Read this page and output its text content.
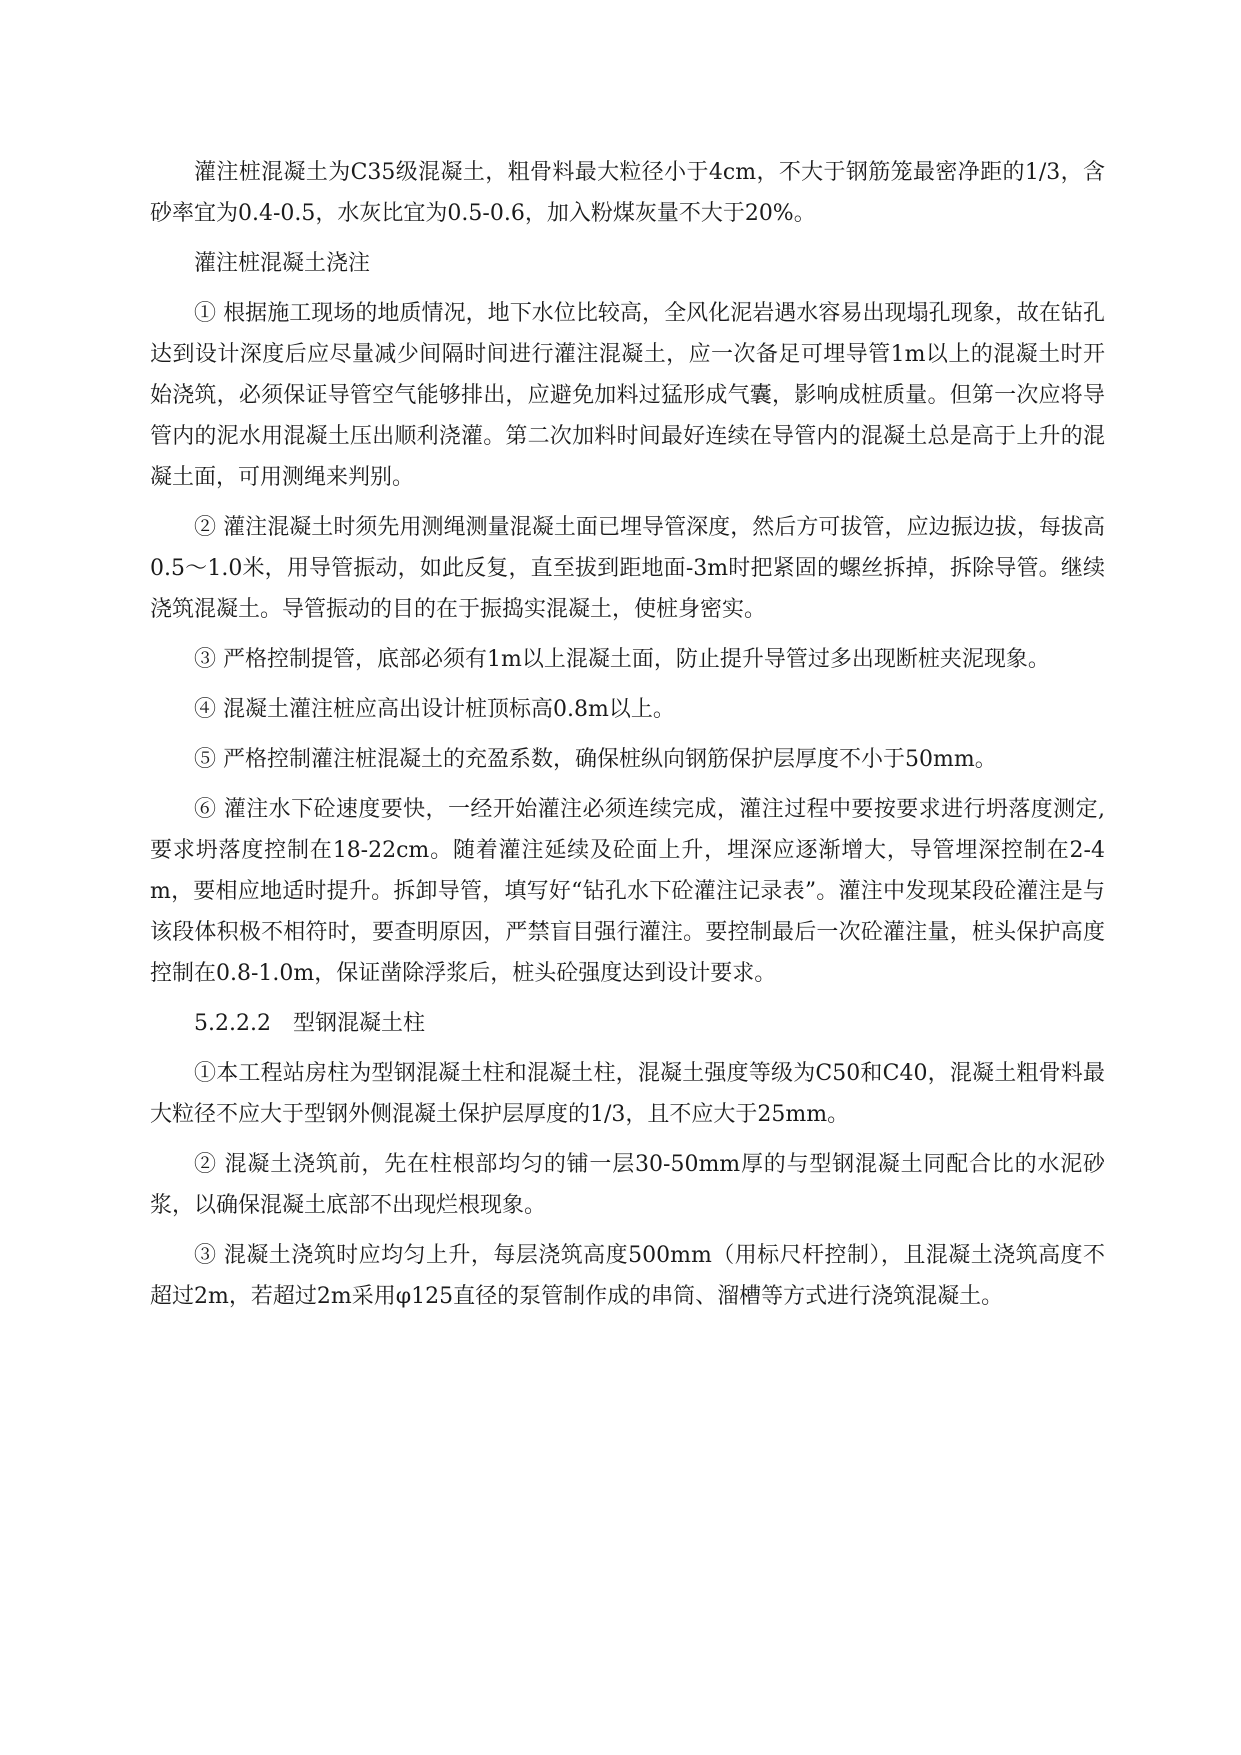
灌注桩混凝土为C35级混凝土，粗骨料最大粒径小于4cm，不大于钢筋笼最密净距的1/3，含砂率宜为0.4-0.5，水灰比宜为0.5-0.6，加入粉煤灰量不大于20%。

灌注桩混凝土浇注

① 根据施工现场的地质情况，地下水位比较高，全风化泥岩遇水容易出现塌孔现象，故在钻孔达到设计深度后应尽量减少间隔时间进行灌注混凝土，应一次备足可埋导管1m以上的混凝土时开始浇筑，必须保证导管空气能够排出，应避免加料过猛形成气囊，影响成桩质量。但第一次应将导管内的泥水用混凝土压出顺利浇灌。第二次加料时间最好连续在导管内的混凝土总是高于上升的混凝土面，可用测绳来判别。

② 灌注混凝土时须先用测绳测量混凝土面已埋导管深度，然后方可拔管，应边振边拔，每拔高0.5～1.0米，用导管振动，如此反复，直至拔到距地面-3m时把紧固的螺丝拆掉，拆除导管。继续浇筑混凝土。导管振动的目的在于振捣实混凝土，使桩身密实。

③ 严格控制提管，底部必须有1m以上混凝土面，防止提升导管过多出现断桩夹泥现象。

④ 混凝土灌注桩应高出设计桩顶标高0.8m以上。

⑤ 严格控制灌注桩混凝土的充盈系数，确保桩纵向钢筋保护层厚度不小于50mm。

⑥ 灌注水下砼速度要快，一经开始灌注必须连续完成，灌注过程中要按要求进行坍落度测定,要求坍落度控制在18-22cm。随着灌注延续及砼面上升，埋深应逐渐增大，导管埋深控制在2-4m，要相应地适时提升。拆卸导管，填写好“钻孔水下砼灌注记录表”。灌注中发现某段砼灌注是与该段体积极不相符时，要查明原因，严禁盲目强行灌注。要控制最后一次砼灌注量，桩头保护高度控制在0.8-1.0m，保证凿除浮浆后，桩头砼强度达到设计要求。

5.2.2.2　型钢混凝土柱

①本工程站房柱为型钢混凝土柱和混凝土柱，混凝土强度等级为C50和C40，混凝土粗骨料最大粒径不应大于型钢外侧混凝土保护层厚度的1/3，且不应大于25mm。

② 混凝土浇筑前，先在柱根部均匀的铺一层30-50mm厚的与型钢混凝土同配合比的水泥砂浆，以确保混凝土底部不出现烂根现象。

③ 混凝土浇筑时应均匀上升，每层浇筑高度500mm（用标尺杆控制），且混凝土浇筑高度不超过2m，若超过2m采用φ125直径的泵管制作成的串筒、溜槽等方式进行浇筑混凝土。
